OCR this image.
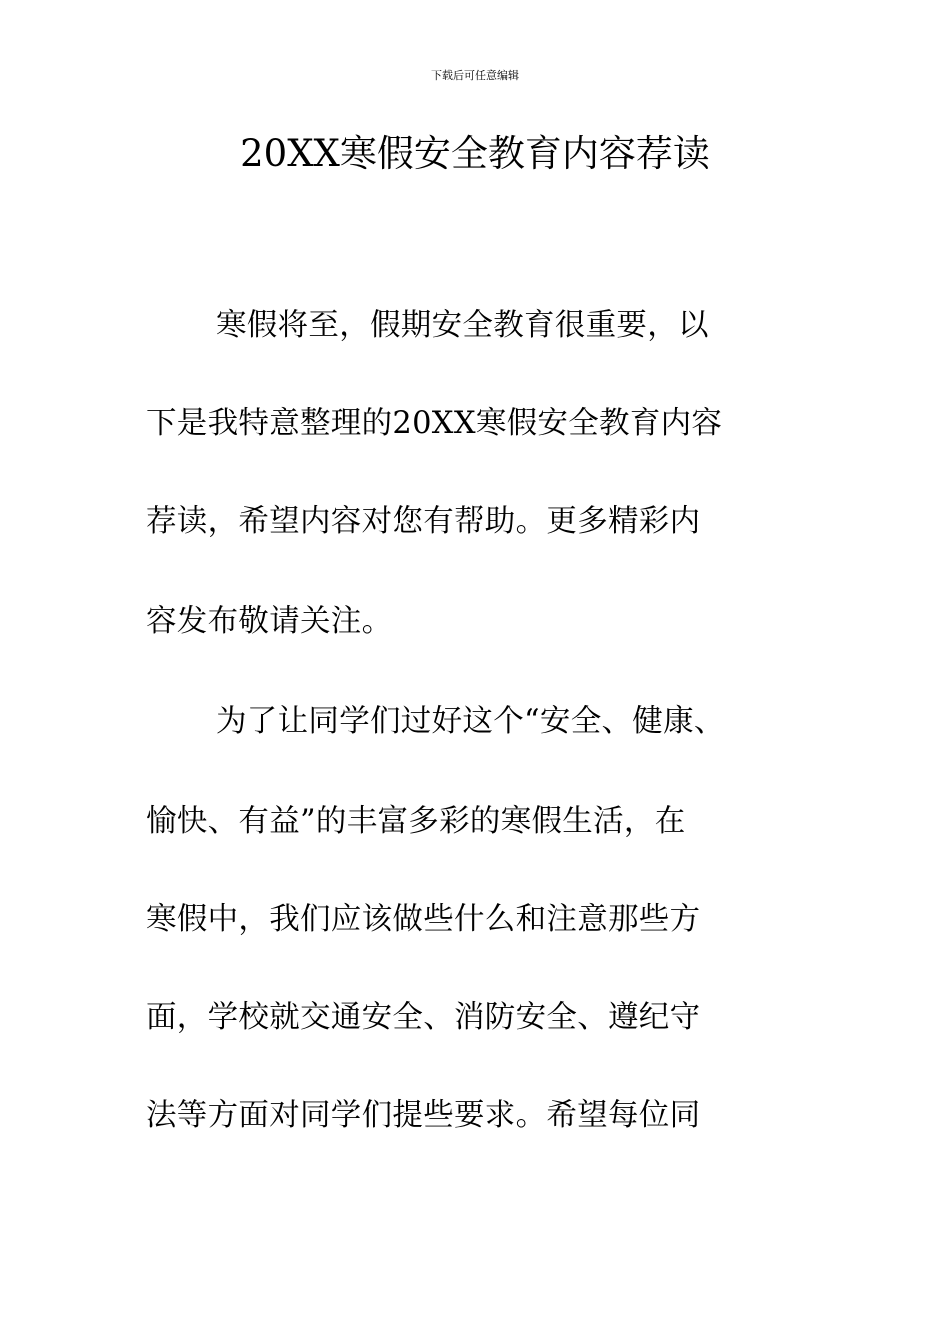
下载后可任意编辑
20XX寒假安全教育内容荐读
寒假将至，假期安全教育很重要，以
下是我特意整理的20XX寒假安全教育内容
荐读，希望内容对您有帮助。更多精彩内
容发布敬请关注。
为了让同学们过好这个“安全、健康、
愉快、有益”的丰富多彩的寒假生活，在
寒假中，我们应该做些什么和注意那些方
面，学校就交通安全、消防安全、遵纪守
法等方面对同学们提些要求。希望每位同
